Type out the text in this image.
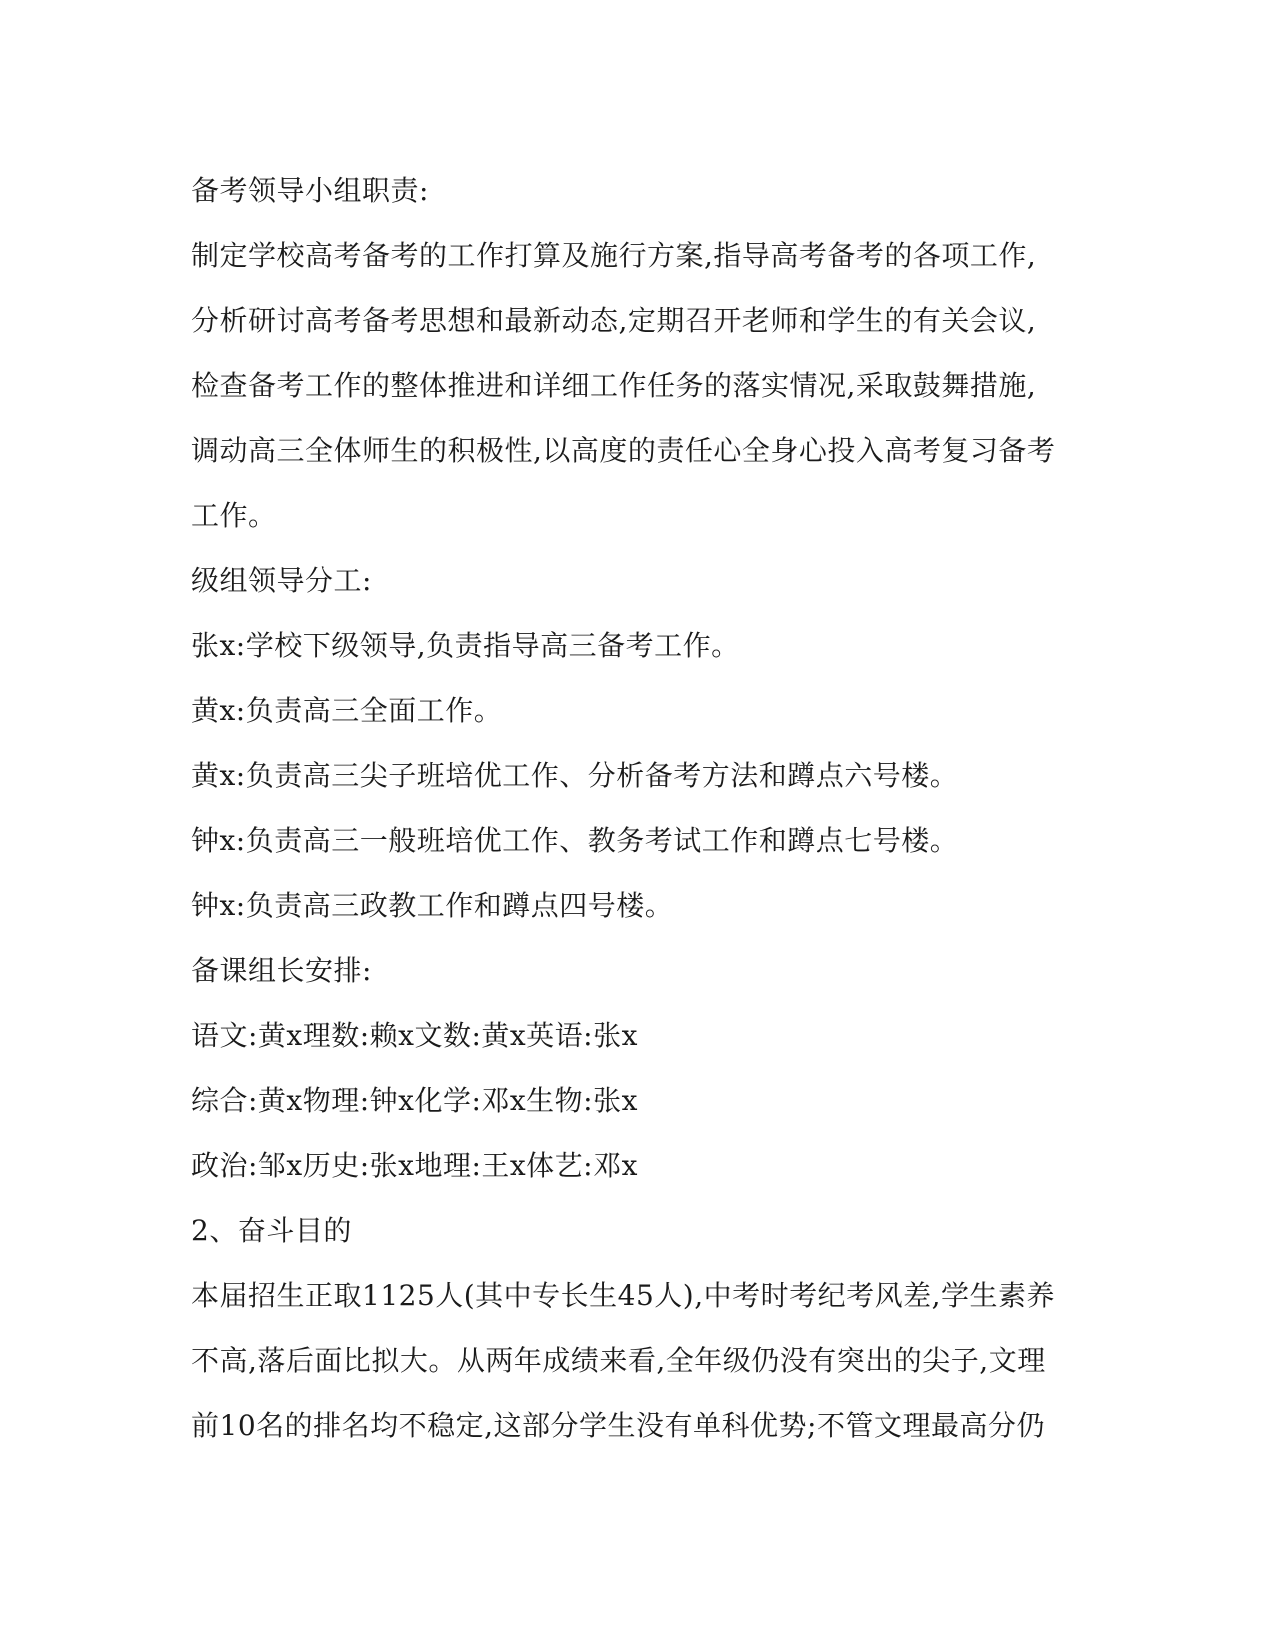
备考领导小组职责:
制定学校高考备考的工作打算及施行方案,指导高考备考的各项工作,
分析研讨高考备考思想和最新动态,定期召开老师和学生的有关会议,
检查备考工作的整体推进和详细工作任务的落实情况,采取鼓舞措施,
调动高三全体师生的积极性,以高度的责任心全身心投入高考复习备考
工作。
级组领导分工:
张x:学校下级领导,负责指导高三备考工作。
黄x:负责高三全面工作。
黄x:负责高三尖子班培优工作、分析备考方法和蹲点六号楼。
钟x:负责高三一般班培优工作、教务考试工作和蹲点七号楼。
钟x:负责高三政教工作和蹲点四号楼。
备课组长安排:
语文:黄x理数:赖x文数:黄x英语:张x
综合:黄x物理:钟x化学:邓x生物:张x
政治:邹x历史:张x地理:王x体艺:邓x
2、奋斗目的
本届招生正取1125人(其中专长生45人),中考时考纪考风差,学生素养
不高,落后面比拟大。从两年成绩来看,全年级仍没有突出的尖子,文理
前10名的排名均不稳定,这部分学生没有单科优势;不管文理最高分仍
